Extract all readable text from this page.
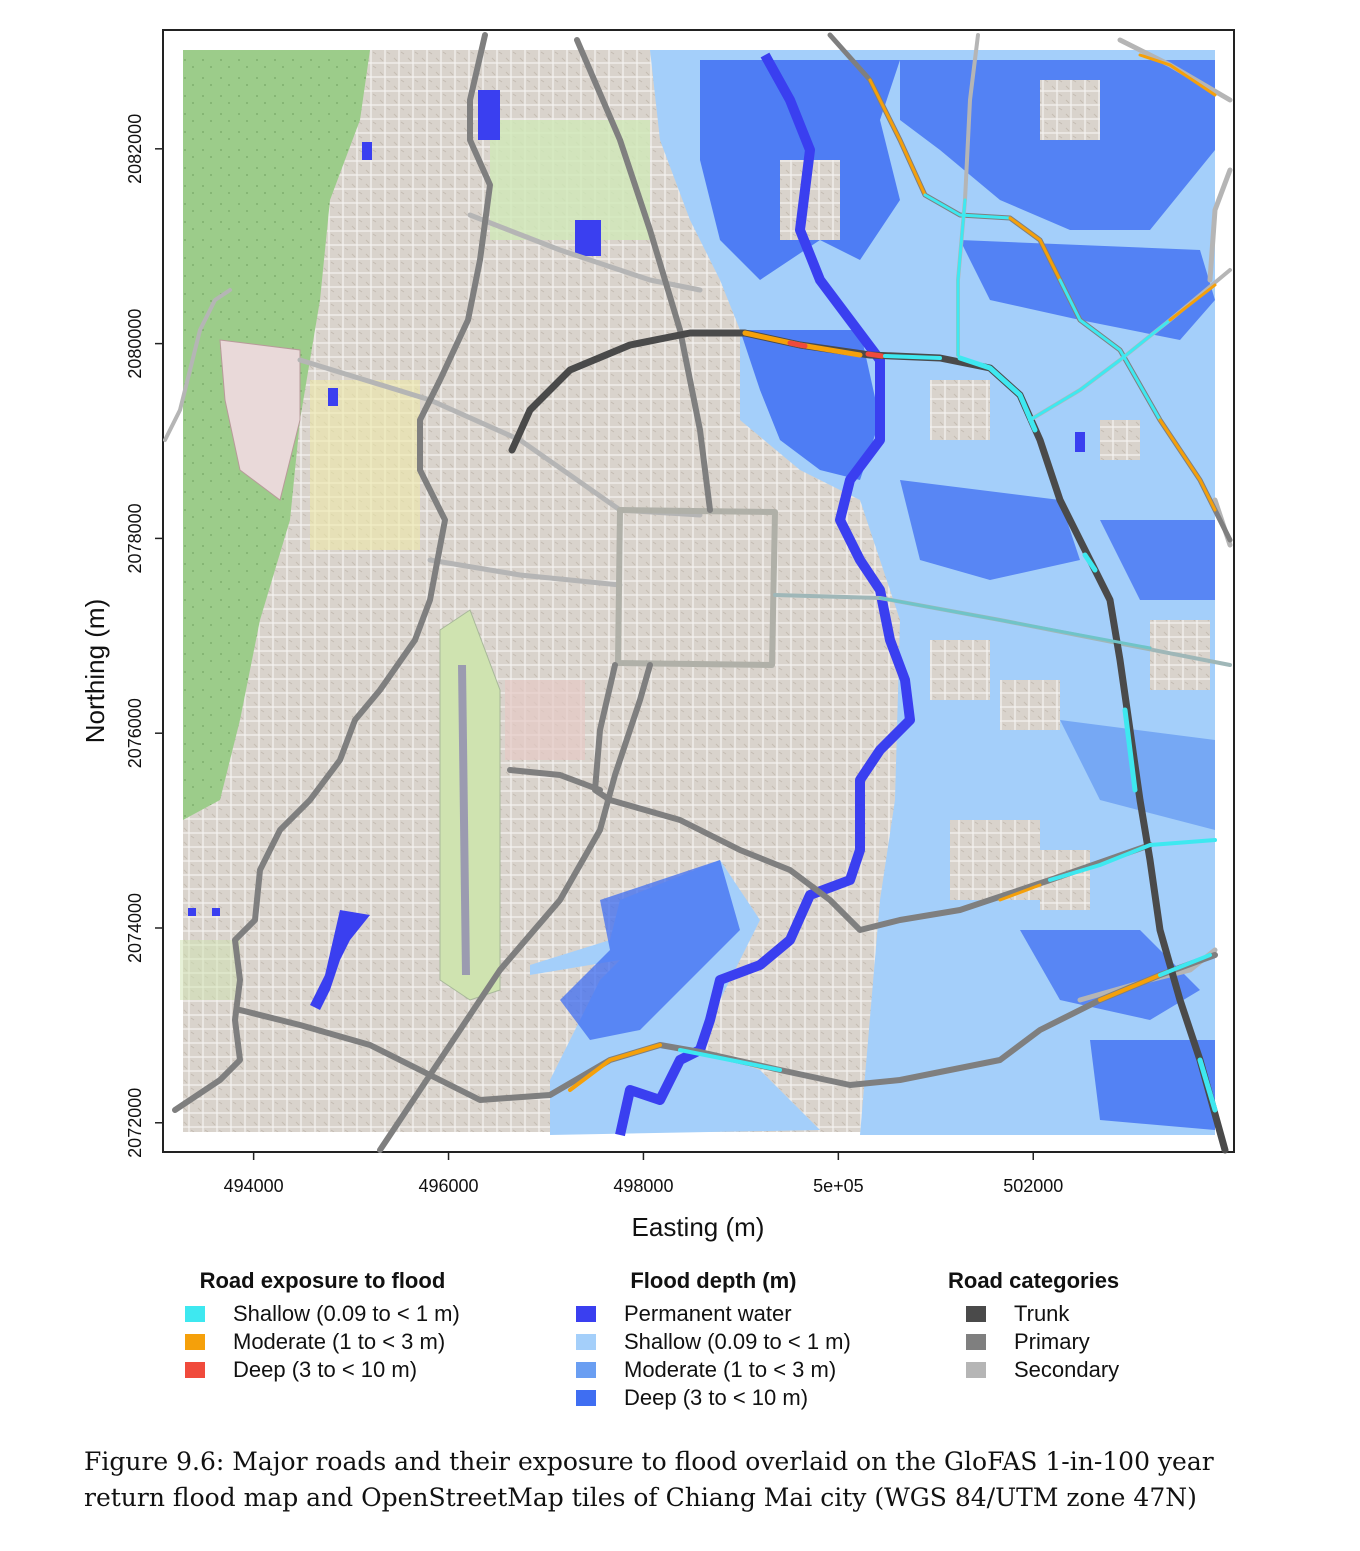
2072000
2074000
2076000
2078000
2080000
2082000
494000	496000	498000	5e+05	502000
Easting (m)
Northing (m)
Road exposure to flood
Shallow (0.09 to < 1 m)
Moderate (1 to < 3 m)
Deep (3 to < 10 m)
Flood depth (m)
Permanent water
Shallow (0.09 to < 1 m)
Moderate (1 to < 3 m)
Deep (3 to < 10 m)
Road categories
Trunk
Primary
Secondary
Figure 9.6: Major roads and their exposure to flood overlaid on the GloFAS 1-in-100 year return flood map and OpenStreetMap tiles of Chiang Mai city (WGS 84/UTM zone 47N)
